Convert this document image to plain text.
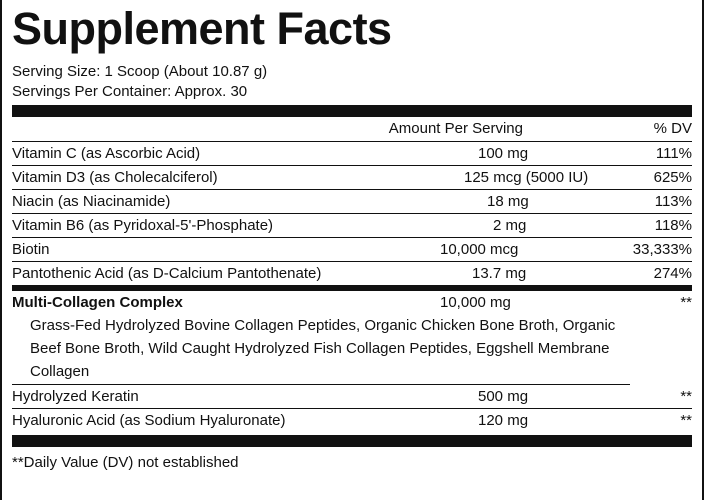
Supplement Facts
Serving Size: 1 Scoop (About 10.87 g)
Servings Per Container: Approx. 30
Amount Per Serving	% DV
Vitamin C (as Ascorbic Acid)	100 mg	111%
Vitamin D3 (as Cholecalciferol)	125 mcg (5000 IU)	625%
Niacin (as Niacinamide)	18 mg	113%
Vitamin B6 (as Pyridoxal-5'-Phosphate)	2 mg	118%
Biotin	10,000 mcg	33,333%
Pantothenic Acid (as D-Calcium Pantothenate)	13.7 mg	274%
Multi-Collagen Complex	10,000 mg	**
Grass-Fed Hydrolyzed Bovine Collagen Peptides, Organic Chicken Bone Broth, Organic Beef Bone Broth, Wild Caught Hydrolyzed Fish Collagen Peptides, Eggshell Membrane Collagen
Hydrolyzed Keratin	500 mg	**
Hyaluronic Acid (as Sodium Hyaluronate)	120 mg	**
**Daily Value (DV) not established
